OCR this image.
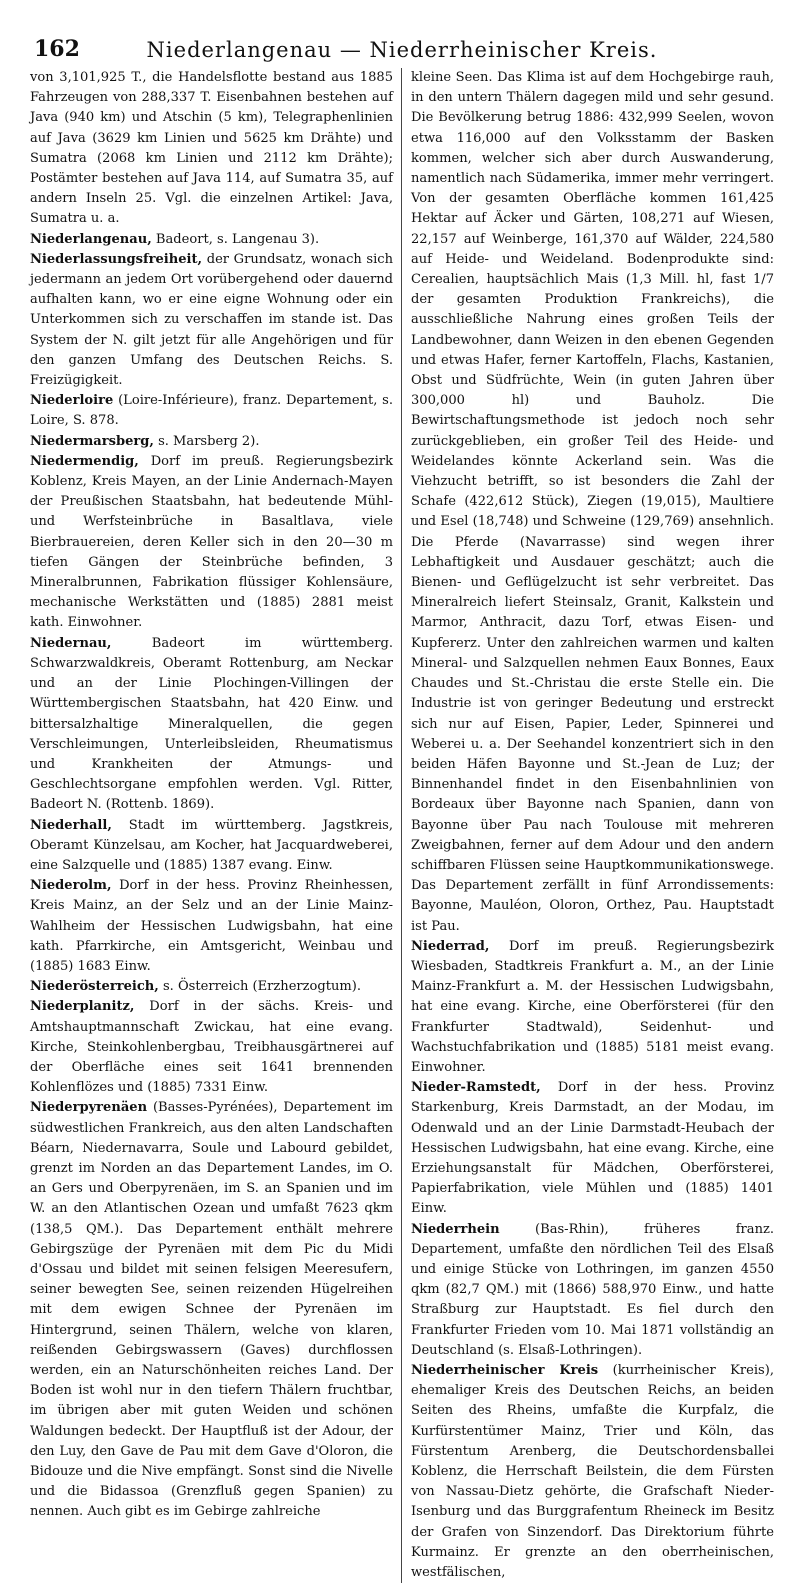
162	Niederlangenau — Niederrheinischer Kreis.

von 3,101,925 T., die Handelsflotte bestand aus 1885 Fahrzeugen von 288,337 T. Eisenbahnen bestehen auf Java (940 km) und Atschin (5 km), Telegraphenlinien auf Java (3629 km Linien und 5625 km Drähte) und Sumatra (2068 km Linien und 2112 km Drähte); Postämter bestehen auf Java 114, auf Sumatra 35, auf andern Inseln 25. Vgl. die einzelnen Artikel: Java, Sumatra u. a.

Niederlangenau, Badeort, s. Langenau 3).

Niederlassungsfreiheit, der Grundsatz, wonach sich jedermann an jedem Ort vorübergehend oder dauernd aufhalten kann, wo er eine eigne Wohnung oder ein Unterkommen sich zu verschaffen im stande ist. Das System der N. gilt jetzt für alle Angehörigen und für den ganzen Umfang des Deutschen Reichs. S. Freizügigkeit.

Niederloire (Loire-Inférieure), franz. Departement, s. Loire, S. 878.

Niedermarsberg, s. Marsberg 2).

Niedermendig, Dorf im preuß. Regierungsbezirk Koblenz, Kreis Mayen, an der Linie Andernach-Mayen der Preußischen Staatsbahn, hat bedeutende Mühl- und Werfsteinbrüche in Basaltlava, viele Bierbrauereien, deren Keller sich in den 20—30 m tiefen Gängen der Steinbrüche befinden, 3 Mineralbrunnen, Fabrikation flüssiger Kohlensäure, mechanische Werkstätten und (1885) 2881 meist kath. Einwohner.

Niedernau, Badeort im württemberg. Schwarzwaldkreis, Oberamt Rottenburg, am Neckar und an der Linie Plochingen-Villingen der Württembergischen Staatsbahn, hat 420 Einw. und bittersalzhaltige Mineralquellen, die gegen Verschleimungen, Unterleibsleiden, Rheumatismus und Krankheiten der Atmungs- und Geschlechtsorgane empfohlen werden. Vgl. Ritter, Badeort N. (Rottenb. 1869).

Niederhall, Stadt im württemberg. Jagstkreis, Oberamt Künzelsau, am Kocher, hat Jacquardweberei, eine Salzquelle und (1885) 1387 evang. Einw.

Niederolm, Dorf in der hess. Provinz Rheinhessen, Kreis Mainz, an der Selz und an der Linie Mainz-Wahlheim der Hessischen Ludwigsbahn, hat eine kath. Pfarrkirche, ein Amtsgericht, Weinbau und (1885) 1683 Einw.

Niederösterreich, s. Österreich (Erzherzogtum).

Niederplanitz, Dorf in der sächs. Kreis- und Amtshauptmannschaft Zwickau, hat eine evang. Kirche, Steinkohlenbergbau, Treibhausgärtnerei auf der Oberfläche eines seit 1641 brennenden Kohlenflözes und (1885) 7331 Einw.

Niederpyrenäen (Basses-Pyrénées), Departement im südwestlichen Frankreich, aus den alten Landschaften Béarn, Niedernavarra, Soule und Labourd gebildet, grenzt im Norden an das Departement Landes, im O. an Gers und Oberpyrenäen, im S. an Spanien und im W. an den Atlantischen Ozean und umfaßt 7623 qkm (138,5 QM.). Das Departement enthält mehrere Gebirgszüge der Pyrenäen mit dem Pic du Midi d'Ossau und bildet mit seinen felsigen Meeresufern, seiner bewegten See, seinen reizenden Hügelreihen mit dem ewigen Schnee der Pyrenäen im Hintergrund, seinen Thälern, welche von klaren, reißenden Gebirgswassern (Gaves) durchflossen werden, ein an Naturschönheiten reiches Land. Der Boden ist wohl nur in den tiefern Thälern fruchtbar, im übrigen aber mit guten Weiden und schönen Waldungen bedeckt. Der Hauptfluß ist der Adour, der den Luy, den Gave de Pau mit dem Gave d'Oloron, die Bidouze und die Nive empfängt. Sonst sind die Nivelle und die Bidassoa (Grenzfluß gegen Spanien) zu nennen. Auch gibt es im Gebirge zahlreiche

kleine Seen. Das Klima ist auf dem Hochgebirge rauh, in den untern Thälern dagegen mild und sehr gesund. Die Bevölkerung betrug 1886: 432,999 Seelen, wovon etwa 116,000 auf den Volksstamm der Basken kommen, welcher sich aber durch Auswanderung, namentlich nach Südamerika, immer mehr verringert. Von der gesamten Oberfläche kommen 161,425 Hektar auf Äcker und Gärten, 108,271 auf Wiesen, 22,157 auf Weinberge, 161,370 auf Wälder, 224,580 auf Heide- und Weideland. Bodenprodukte sind: Cerealien, hauptsächlich Mais (1,3 Mill. hl, fast 1/7 der gesamten Produktion Frankreichs), die ausschließliche Nahrung eines großen Teils der Landbewohner, dann Weizen in den ebenen Gegenden und etwas Hafer, ferner Kartoffeln, Flachs, Kastanien, Obst und Südfrüchte, Wein (in guten Jahren über 300,000 hl) und Bauholz. Die Bewirtschaftungsmethode ist jedoch noch sehr zurückgeblieben, ein großer Teil des Heide- und Weidelandes könnte Ackerland sein. Was die Viehzucht betrifft, so ist besonders die Zahl der Schafe (422,612 Stück), Ziegen (19,015), Maultiere und Esel (18,748) und Schweine (129,769) ansehnlich. Die Pferde (Navarrasse) sind wegen ihrer Lebhaftigkeit und Ausdauer geschätzt; auch die Bienen- und Geflügelzucht ist sehr verbreitet. Das Mineralreich liefert Steinsalz, Granit, Kalkstein und Marmor, Anthracit, dazu Torf, etwas Eisen- und Kupfererz. Unter den zahlreichen warmen und kalten Mineral- und Salzquellen nehmen Eaux Bonnes, Eaux Chaudes und St.-Christau die erste Stelle ein. Die Industrie ist von geringer Bedeutung und erstreckt sich nur auf Eisen, Papier, Leder, Spinnerei und Weberei u. a. Der Seehandel konzentriert sich in den beiden Häfen Bayonne und St.-Jean de Luz; der Binnenhandel findet in den Eisenbahnlinien von Bordeaux über Bayonne nach Spanien, dann von Bayonne über Pau nach Toulouse mit mehreren Zweigbahnen, ferner auf dem Adour und den andern schiffbaren Flüssen seine Hauptkommunikationswege. Das Departement zerfällt in fünf Arrondissements: Bayonne, Mauléon, Oloron, Orthez, Pau. Hauptstadt ist Pau.

Niederrad, Dorf im preuß. Regierungsbezirk Wiesbaden, Stadtkreis Frankfurt a. M., an der Linie Mainz-Frankfurt a. M. der Hessischen Ludwigsbahn, hat eine evang. Kirche, eine Oberförsterei (für den Frankfurter Stadtwald), Seidenhut- und Wachstuchfabrikation und (1885) 5181 meist evang. Einwohner.

Nieder-Ramstedt, Dorf in der hess. Provinz Starkenburg, Kreis Darmstadt, an der Modau, im Odenwald und an der Linie Darmstadt-Heubach der Hessischen Ludwigsbahn, hat eine evang. Kirche, eine Erziehungsanstalt für Mädchen, Oberförsterei, Papierfabrikation, viele Mühlen und (1885) 1401 Einw.

Niederrhein (Bas-Rhin), früheres franz. Departement, umfaßte den nördlichen Teil des Elsaß und einige Stücke von Lothringen, im ganzen 4550 qkm (82,7 QM.) mit (1866) 588,970 Einw., und hatte Straßburg zur Hauptstadt. Es fiel durch den Frankfurter Frieden vom 10. Mai 1871 vollständig an Deutschland (s. Elsaß-Lothringen).

Niederrheinischer Kreis (kurrheinischer Kreis), ehemaliger Kreis des Deutschen Reichs, an beiden Seiten des Rheins, umfaßte die Kurpfalz, die Kurfürstentümer Mainz, Trier und Köln, das Fürstentum Arenberg, die Deutschordensballei Koblenz, die Herrschaft Beilstein, die dem Fürsten von Nassau-Dietz gehörte, die Grafschaft Nieder-Isenburg und das Burggrafentum Rheineck im Besitz der Grafen von Sinzendorf. Das Direktorium führte Kurmainz. Er grenzte an den oberrheinischen, westfälischen,
